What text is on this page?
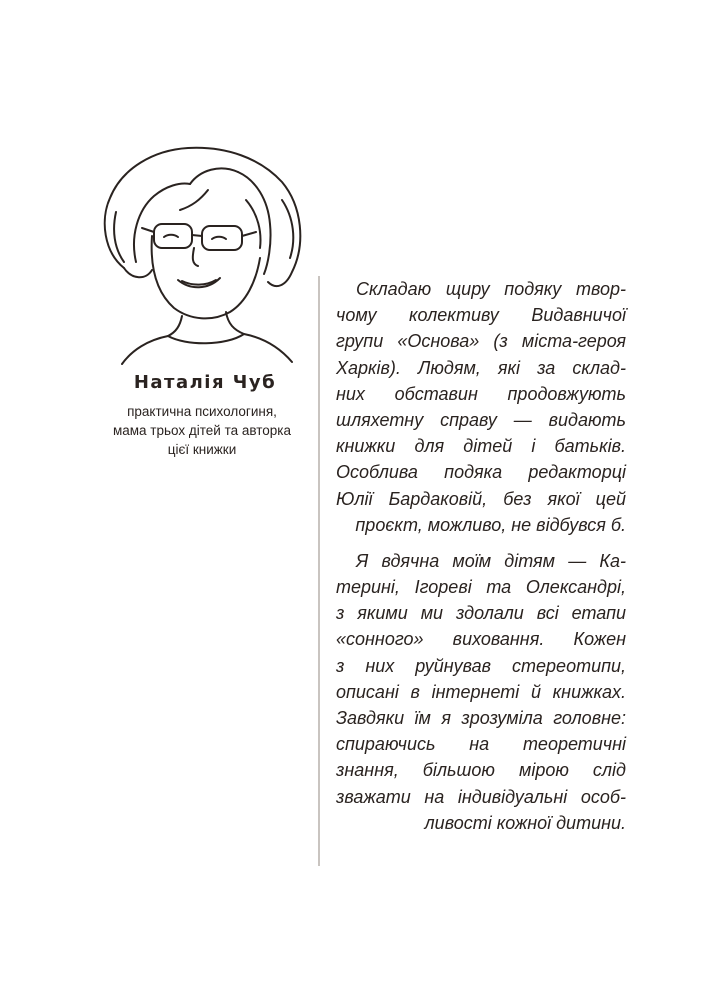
Наталія Чуб
практична психологиня,
мама трьох дітей та авторка
цієї книжки
Складаю щиру подяку твор-
чому колективу Видавничої
групи «Основа» (з міста-героя
Харків). Людям, які за склад-
них обставин продовжують
шляхетну справу — видають
книжки для дітей і батьків.
Особлива подяка редакторці
Юлії Бардаковій, без якої цей
проєкт, можливо, не відбувся б.
Я вдячна моїм дітям — Ка-
терині, Ігореві та Олександрі,
з якими ми здолали всі етапи
«сонного» виховання. Кожен
з них руйнував стереотипи,
описані в інтернеті й книжках.
Завдяки їм я зрозуміла головне:
спираючись на теоретичні
знання, більшою мірою слід
зважати на індивідуальні особ-
ливості кожної дитини.
